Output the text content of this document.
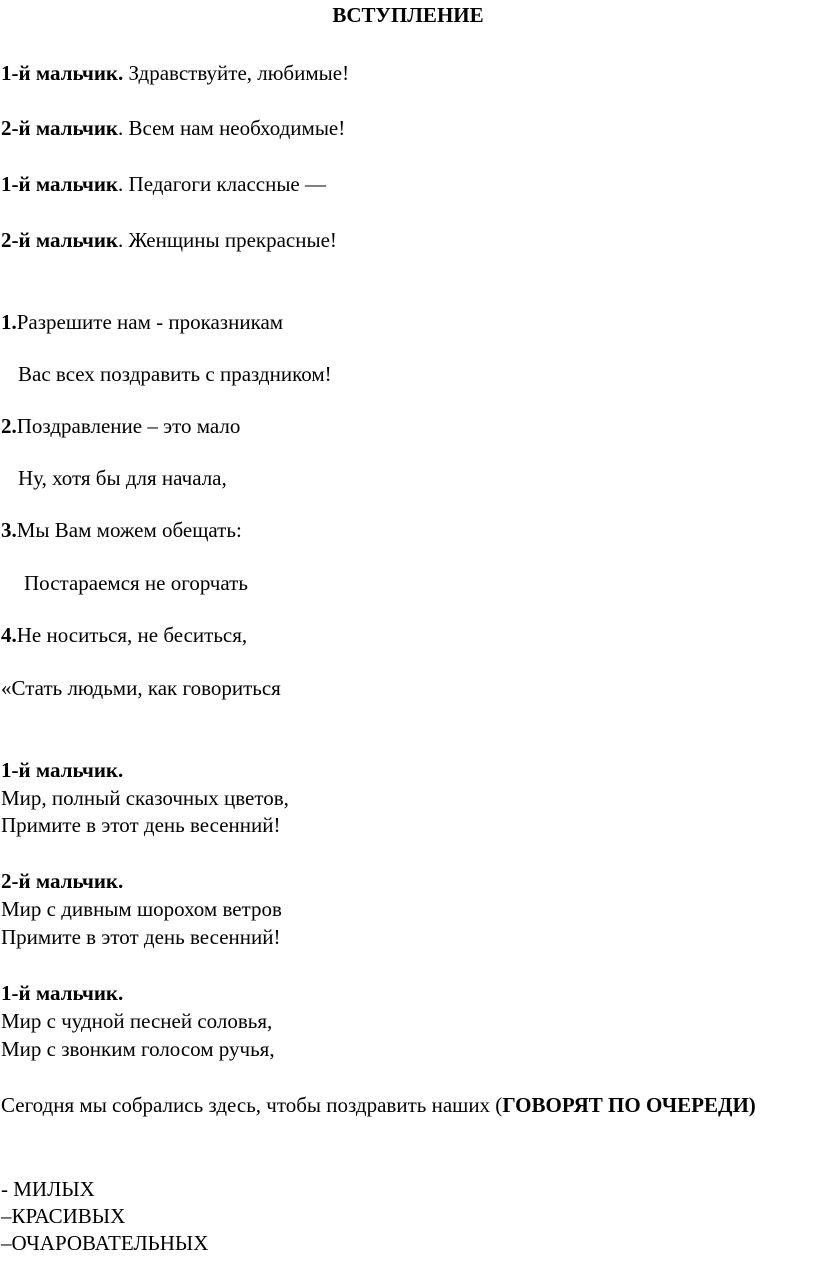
ВСТУПЛЕНИЕ
1-й мальчик. Здравствуйте, любимые!
2-й мальчик. Всем нам необходимые!
1-й мальчик. Педагоги классные —
2-й мальчик. Женщины прекрасные!
1.Разрешите нам - проказникам
Вас всех поздравить с праздником!
2.Поздравление – это мало
Ну, хотя бы для начала,
3.Мы Вам можем обещать:
Постараемся не огорчать
4.Не носиться, не беситься,
«Стать людьми, как говориться
1-й мальчик.
Мир, полный сказочных цветов,
Примите в этот день весенний!
2-й мальчик.
Мир с дивным шорохом ветров
Примите в этот день весенний!
1-й мальчик.
Мир с чудной песней соловья,
Мир с звонким голосом ручья,
Сегодня мы собрались здесь, чтобы поздравить наших (ГОВОРЯТ ПО ОЧЕРЕДИ)
- МИЛЫХ
–КРАСИВЫХ
–ОЧАРОВАТЕЛЬНЫХ
